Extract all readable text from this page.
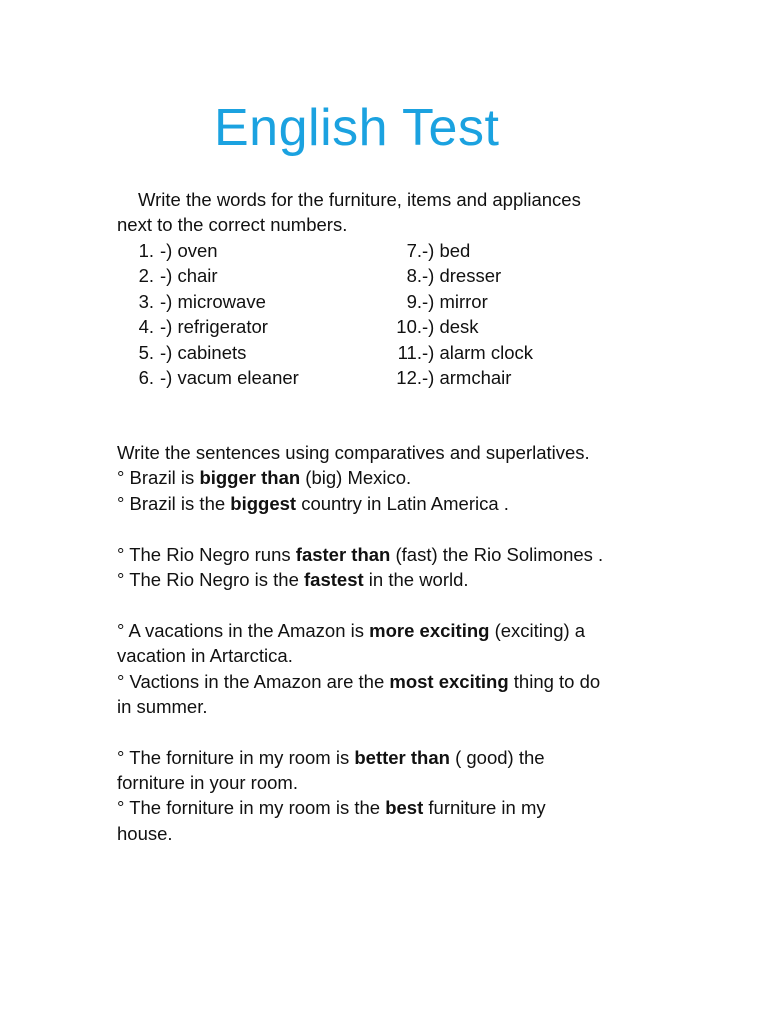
English Test
Write the words for the furniture, items and appliances
next to the correct numbers.
1. -) oven
2. -) chair
3. -) microwave
4. -) refrigerator
5. -) cabinets
6. -) vacum eleaner
7. -) bed
8. -) dresser
9. -) mirror
10. -) desk
11. -) alarm clock
12. -) armchair
Write the sentences using comparatives and superlatives.
° Brazil is bigger than (big) Mexico.
° Brazil is the biggest country in Latin America .
° The Rio Negro runs faster than (fast) the Rio Solimones .
° The Rio Negro is the fastest in the world.
° A vacations in the Amazon is more exciting (exciting) a
vacation in Artarctica.
° Vactions in the Amazon are the most exciting thing to do
in summer.
° The forniture in my room is better than ( good) the
forniture in your room.
° The forniture in my room is the best furniture in my
house.
